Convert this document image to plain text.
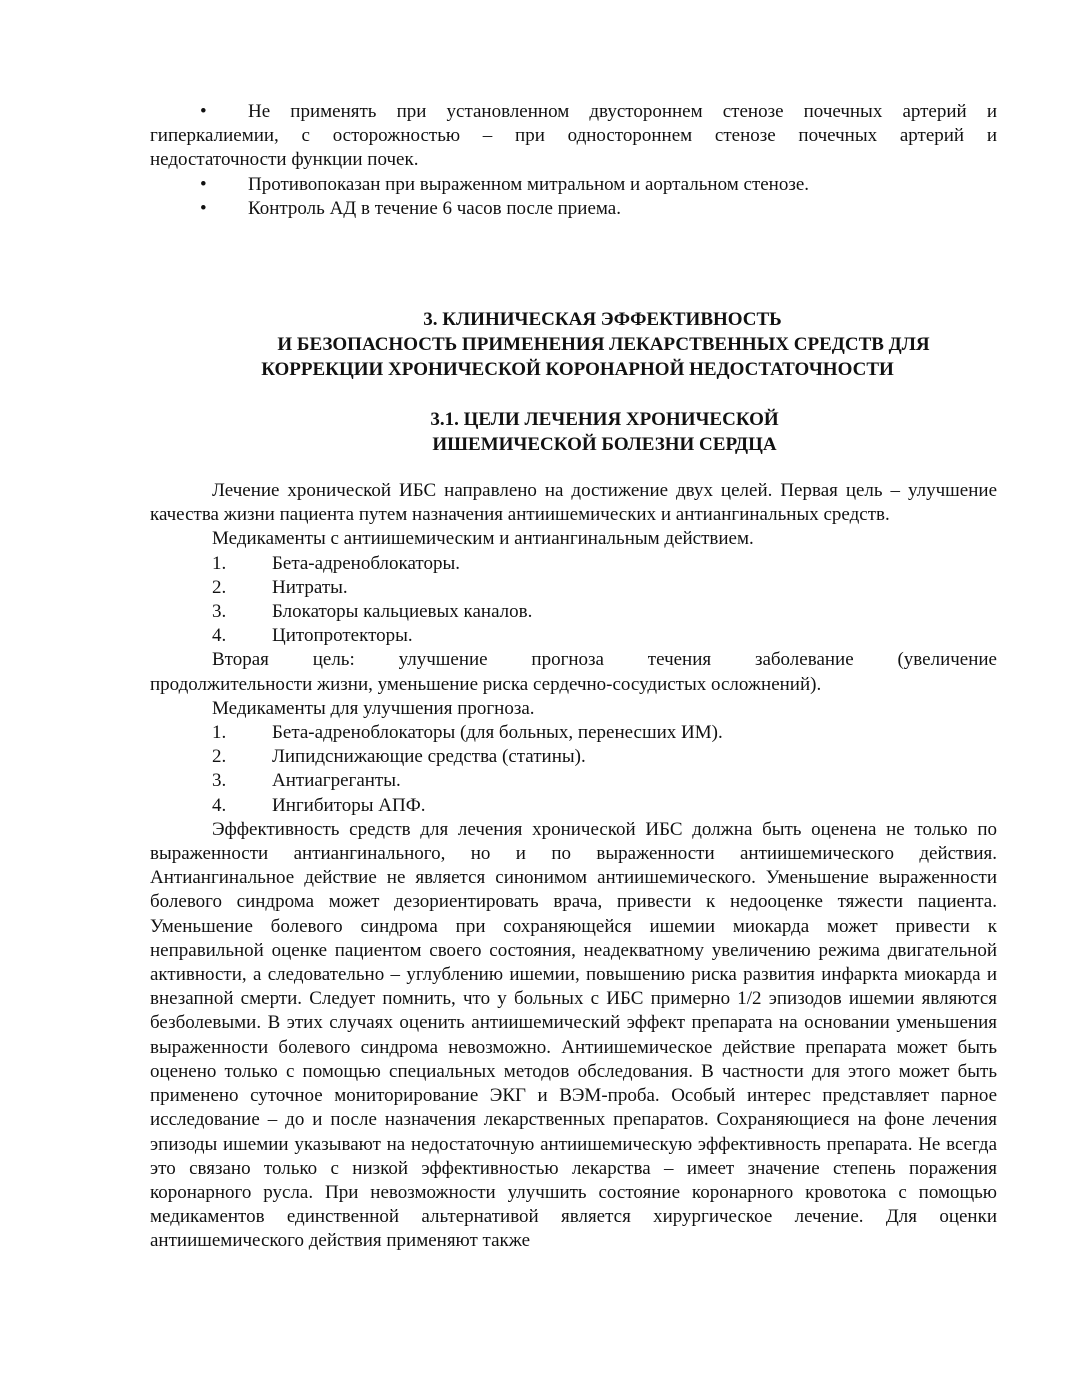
• Не применять при установленном двустороннем стенозе почечных артерий и

гиперкалиемии, с осторожностью – при одностороннем стенозе почечных артерий и

недостаточности функции почек.

• Противопоказан при выраженном митральном и аортальном стенозе.

• Контроль АД в течение 6 часов после приема.

3. КЛИНИЧЕСКАЯ ЭФФЕКТИВНОСТЬ

И БЕЗОПАСНОСТЬ ПРИМЕНЕНИЯ ЛЕКАРСТВЕННЫХ СРЕДСТВ ДЛЯ

КОРРЕКЦИИ ХРОНИЧЕСКОЙ КОРОНАРНОЙ НЕДОСТАТОЧНОСТИ

3.1. ЦЕЛИ ЛЕЧЕНИЯ ХРОНИЧЕСКОЙ

ИШЕМИЧЕСКОЙ БОЛЕЗНИ СЕРДЦА

Лечение хронической ИБС направлено на достижение двух целей. Первая цель – улучшение качества жизни пациента путем назначения антиишемических и антиангинальных средств.

Медикаменты с антиишемическим и антиангинальным действием.

1. Бета-адреноблокаторы.

2. Нитраты.

3. Блокаторы кальциевых каналов.

4. Цитопротекторы.

Вторая цель: улучшение прогноза течения заболевание (увеличение

продолжительности жизни, уменьшение риска сердечно-сосудистых осложнений).

Медикаменты для улучшения прогноза.

1. Бета-адреноблокаторы (для больных, перенесших ИМ).

2. Липидснижающие средства (статины).

3. Антиагреганты.

4. Ингибиторы АПФ.

Эффективность средств для лечения хронической ИБС должна быть оценена не только по выраженности антиангинального, но и по выраженности антиишемического действия. Антиангинальное действие не является синонимом антиишемического. Уменьшение выраженности болевого синдрома может дезориентировать врача, привести к недооценке тяжести пациента. Уменьшение болевого синдрома при сохраняющейся ишемии миокарда может привести к неправильной оценке пациентом своего состояния, неадекватному увеличению режима двигательной активности, а следовательно – углублению ишемии, повышению риска развития инфаркта миокарда и внезапной смерти. Следует помнить, что у больных с ИБС примерно 1/2 эпизодов ишемии являются безболевыми. В этих случаях оценить антиишемический эффект препарата на основании уменьшения выраженности болевого синдрома невозможно. Антиишемическое действие препарата может быть оценено только с помощью специальных методов обследования. В частности для этого может быть применено суточное мониторирование ЭКГ и ВЭМ-проба. Особый интерес представляет парное исследование – до и после назначения лекарственных препаратов. Сохраняющиеся на фоне лечения эпизоды ишемии указывают на недостаточную антиишемическую эффективность препарата. Не всегда это связано только с низкой эффективностью лекарства – имеет значение степень поражения коронарного русла. При невозможности улучшить состояние коронарного кровотока с помощью медикаментов единственной альтернативой является хирургическое лечение. Для оценки антиишемического действия применяют также
